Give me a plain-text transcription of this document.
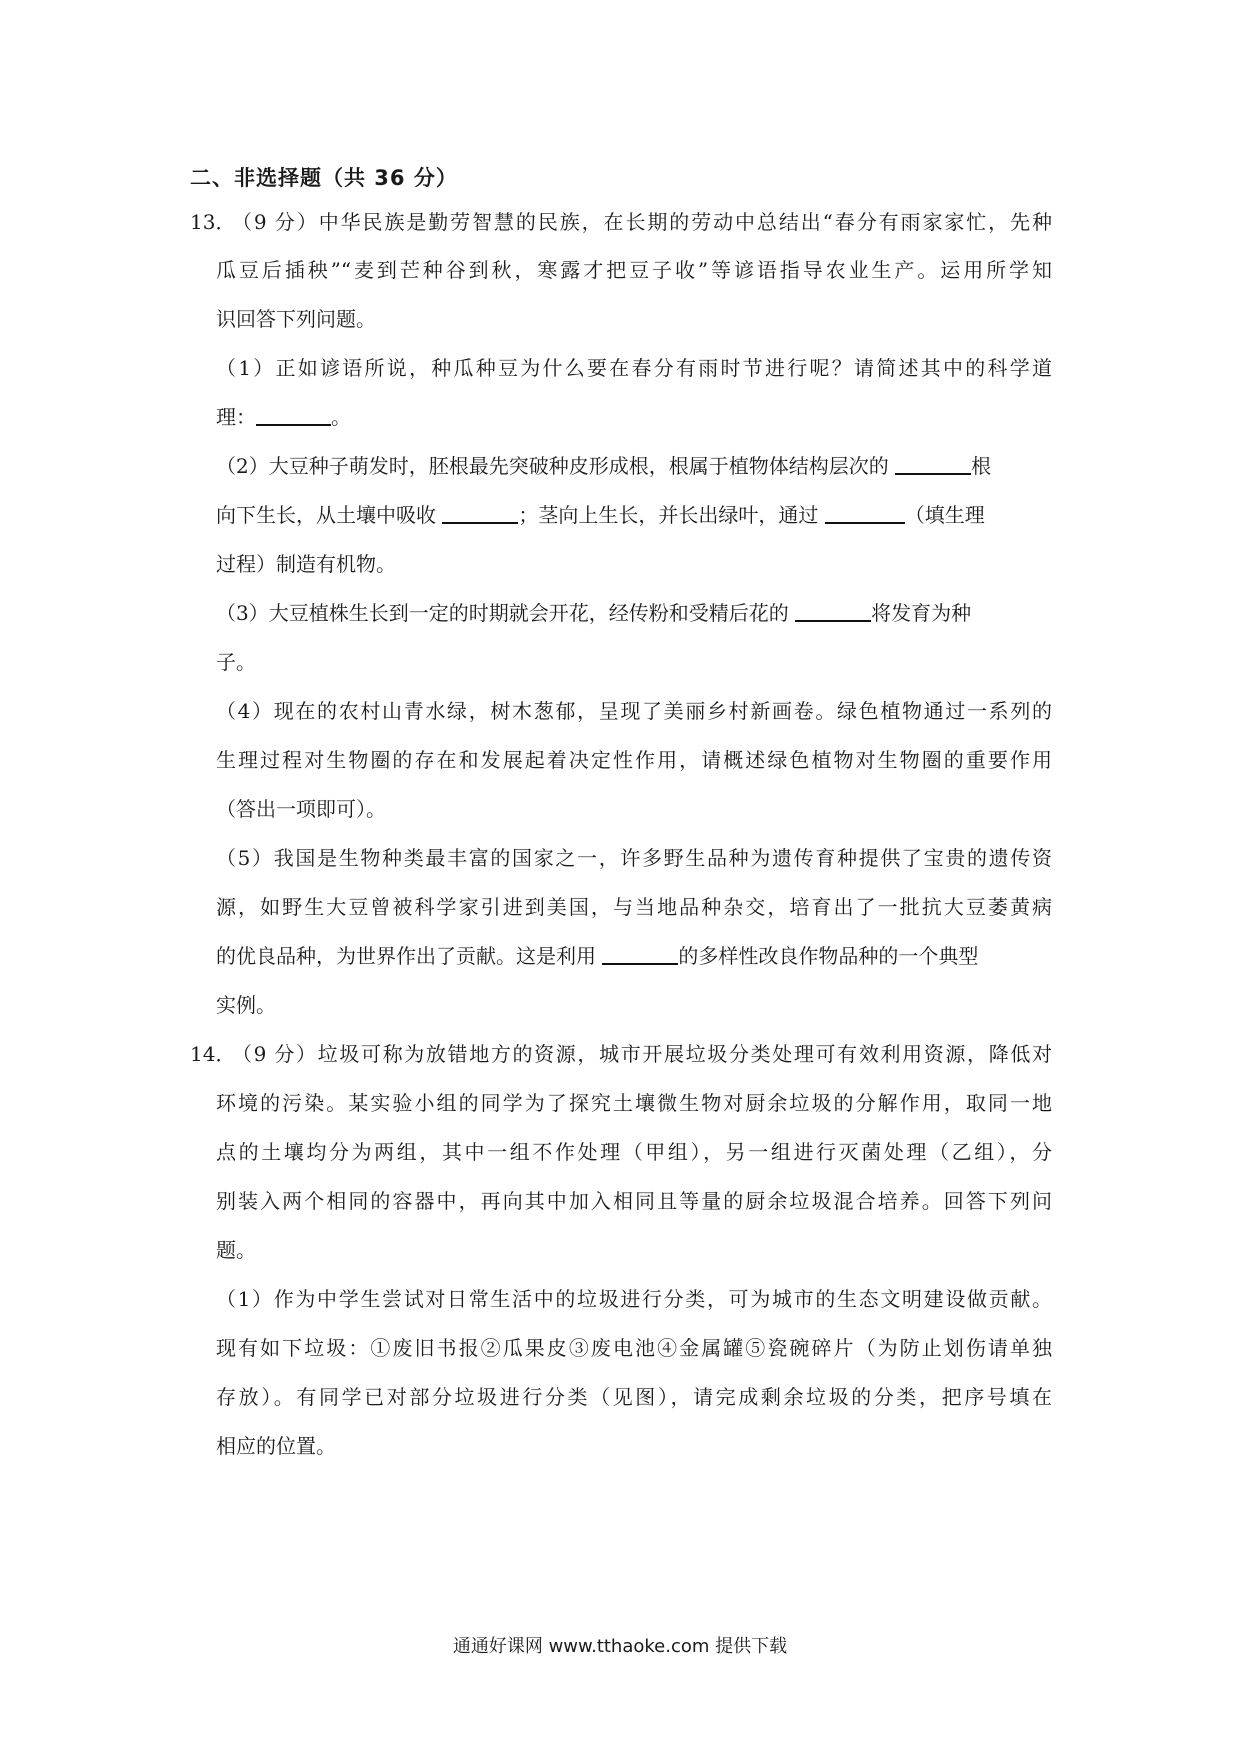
二、非选择题（共 36 分）
13．
（9 分）中华民族是勤劳智慧的民族，在长期的劳动中总结出“春分有雨家家忙，先种
瓜豆后插秧”“麦到芒种谷到秋，寒露才把豆子收”等谚语指导农业生产。运用所学知
识回答下列问题。
（1）正如谚语所说，种瓜种豆为什么要在春分有雨时节进行呢？请简述其中的科学道
理：	。
（2）大豆种子萌发时，胚根最先突破种皮形成根，根属于植物体结构层次的	根
向下生长，从土壤中吸收	；茎向上生长，并长出绿叶，通过	（填生理
过程）制造有机物。
（3）大豆植株生长到一定的时期就会开花，经传粉和受精后花的	将发育为种
子。
（4）现在的农村山青水绿，树木葱郁，呈现了美丽乡村新画卷。绿色植物通过一系列的
生理过程对生物圈的存在和发展起着决定性作用，请概述绿色植物对生物圈的重要作用
（答出一项即可）。
（5）我国是生物种类最丰富的国家之一，许多野生品种为遗传育种提供了宝贵的遗传资
源，如野生大豆曾被科学家引进到美国，与当地品种杂交，培育出了一批抗大豆萎黄病
的优良品种，为世界作出了贡献。这是利用	的多样性改良作物品种的一个典型
实例。
14．
（9 分）垃圾可称为放错地方的资源，城市开展垃圾分类处理可有效利用资源，降低对
环境的污染。某实验小组的同学为了探究土壤微生物对厨余垃圾的分解作用，取同一地
点的土壤均分为两组，其中一组不作处理（甲组），另一组进行灭菌处理（乙组），分
别装入两个相同的容器中，再向其中加入相同且等量的厨余垃圾混合培养。回答下列问
题。
（1）作为中学生尝试对日常生活中的垃圾进行分类，可为城市的生态文明建设做贡献。
现有如下垃圾：①废旧书报②瓜果皮③废电池④金属罐⑤瓷碗碎片（为防止划伤请单独
存放）。有同学已对部分垃圾进行分类（见图），请完成剩余垃圾的分类，把序号填在
相应的位置。
通通好课网 www.tthaoke.com 提供下载
